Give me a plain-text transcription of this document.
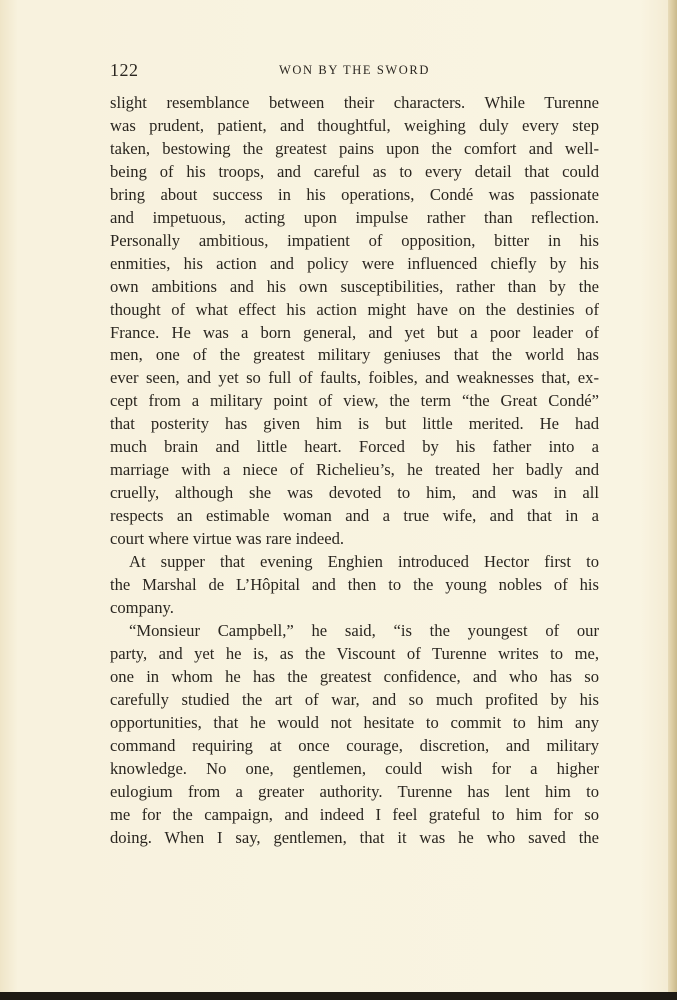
122	WON BY THE SWORD
slight resemblance between their characters. While Turenne
was prudent, patient, and thoughtful, weighing duly every step
taken, bestowing the greatest pains upon the comfort and well-
being of his troops, and careful as to every detail that could
bring about success in his operations, Condé was passionate
and impetuous, acting upon impulse rather than reflection.
Personally ambitious, impatient of opposition, bitter in his
enmities, his action and policy were influenced chiefly by his
own ambitions and his own susceptibilities, rather than by the
thought of what effect his action might have on the destinies of
France. He was a born general, and yet but a poor leader of
men, one of the greatest military geniuses that the world has
ever seen, and yet so full of faults, foibles, and weaknesses that, ex-
cept from a military point of view, the term “the Great Condé”
that posterity has given him is but little merited. He had
much brain and little heart. Forced by his father into a
marriage with a niece of Richelieu’s, he treated her badly and
cruelly, although she was devoted to him, and was in all
respects an estimable woman and a true wife, and that in a
court where virtue was rare indeed.
At supper that evening Enghien introduced Hector first to
the Marshal de L’Hôpital and then to the young nobles of his
company.
“Monsieur Campbell,” he said, “is the youngest of our
party, and yet he is, as the Viscount of Turenne writes to me,
one in whom he has the greatest confidence, and who has so
carefully studied the art of war, and so much profited by his
opportunities, that he would not hesitate to commit to him any
command requiring at once courage, discretion, and military
knowledge. No one, gentlemen, could wish for a higher
eulogium from a greater authority. Turenne has lent him to
me for the campaign, and indeed I feel grateful to him for so
doing. When I say, gentlemen, that it was he who saved the
